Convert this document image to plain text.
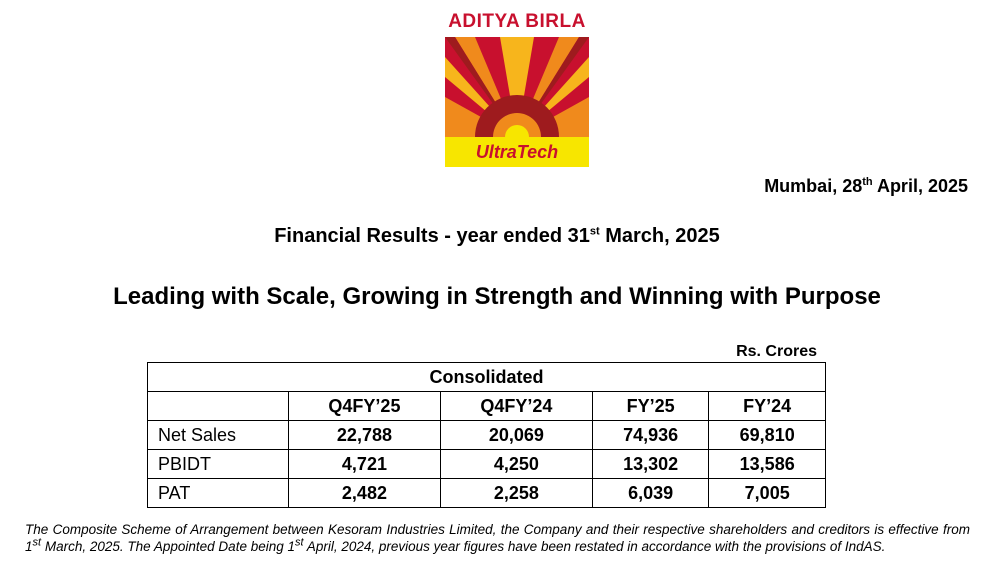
ADITYA BIRLA
UltraTech
Mumbai, 28th April, 2025
Financial Results - year ended 31st March, 2025
Leading with Scale, Growing in Strength and Winning with Purpose
Rs. Crores
Consolidated				
	Q4FY’25	Q4FY’24	FY’25	FY’24
Net Sales	22,788	20,069	74,936	69,810
PBIDT	4,721	4,250	13,302	13,586
PAT	2,482	2,258	6,039	7,005
The Composite Scheme of Arrangement between Kesoram Industries Limited, the Company and their respective shareholders and creditors is effective from 1st March, 2025. The Appointed Date being 1st April, 2024, previous year figures have been restated in accordance with the provisions of IndAS.
